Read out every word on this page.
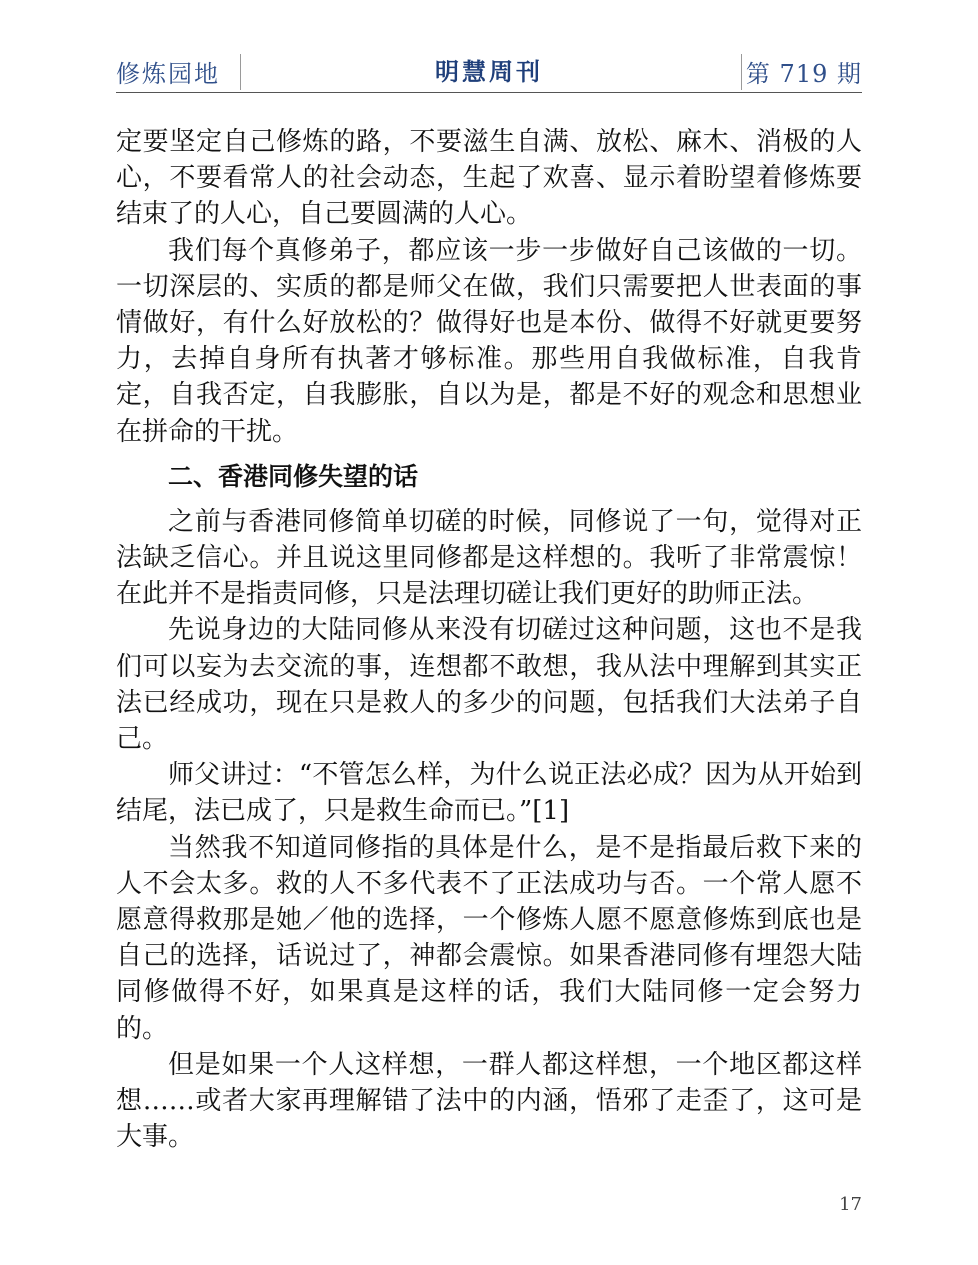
修炼园地	明慧周刊	第 719 期

定要坚定自己修炼的路，不要滋生自满、放松、麻木、消极的人心，不要看常人的社会动态，生起了欢喜、显示着盼望着修炼要结束了的人心，自己要圆满的人心。

我们每个真修弟子，都应该一步一步做好自己该做的一切。一切深层的、实质的都是师父在做，我们只需要把人世表面的事情做好，有什么好放松的？做得好也是本份、做得不好就更要努力，去掉自身所有执著才够标准。那些用自我做标准，自我肯定，自我否定，自我膨胀，自以为是，都是不好的观念和思想业在拼命的干扰。

二、香港同修失望的话

之前与香港同修简单切磋的时候，同修说了一句，觉得对正法缺乏信心。并且说这里同修都是这样想的。我听了非常震惊！在此并不是指责同修，只是法理切磋让我们更好的助师正法。

先说身边的大陆同修从来没有切磋过这种问题，这也不是我们可以妄为去交流的事，连想都不敢想，我从法中理解到其实正法已经成功，现在只是救人的多少的问题，包括我们大法弟子自己。

师父讲过：“不管怎么样，为什么说正法必成？因为从开始到结尾，法已成了，只是救生命而已。”[1]

当然我不知道同修指的具体是什么，是不是指最后救下来的人不会太多。救的人不多代表不了正法成功与否。一个常人愿不愿意得救那是她／他的选择，一个修炼人愿不愿意修炼到底也是自己的选择，话说过了，神都会震惊。如果香港同修有埋怨大陆同修做得不好，如果真是这样的话，我们大陆同修一定会努力的。

但是如果一个人这样想，一群人都这样想，一个地区都这样想……或者大家再理解错了法中的内涵，悟邪了走歪了，这可是大事。

17
